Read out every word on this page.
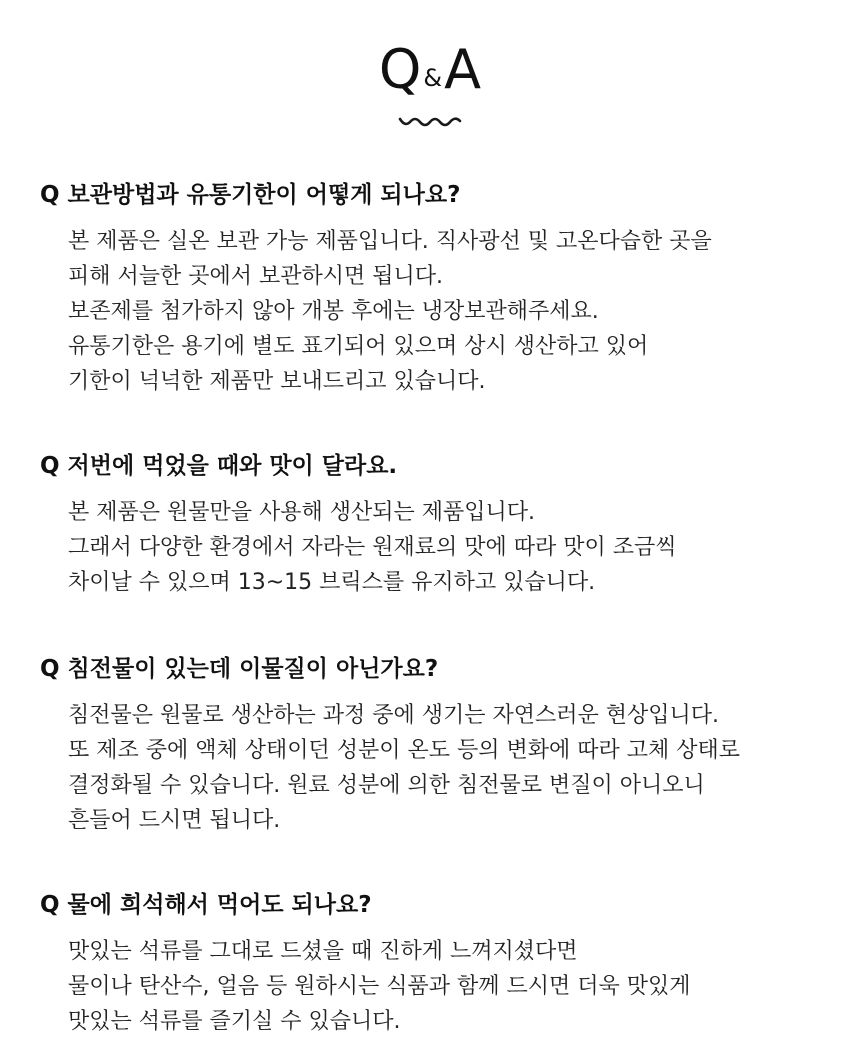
Q&A

Q 보관방법과 유통기한이 어떻게 되나요?

본 제품은 실온 보관 가능 제품입니다. 직사광선 및 고온다습한 곳을
피해 서늘한 곳에서 보관하시면 됩니다.
보존제를 첨가하지 않아 개봉 후에는 냉장보관해주세요.
유통기한은 용기에 별도 표기되어 있으며 상시 생산하고 있어
기한이 넉넉한 제품만 보내드리고 있습니다.

Q 저번에 먹었을 때와 맛이 달라요.

본 제품은 원물만을 사용해 생산되는 제품입니다.
그래서 다양한 환경에서 자라는 원재료의 맛에 따라 맛이 조금씩
차이날 수 있으며 13~15 브릭스를 유지하고 있습니다.

Q 침전물이 있는데 이물질이 아닌가요?

침전물은 원물로 생산하는 과정 중에 생기는 자연스러운 현상입니다.
또 제조 중에 액체 상태이던 성분이 온도 등의 변화에 따라 고체 상태로
결정화될 수 있습니다. 원료 성분에 의한 침전물로 변질이 아니오니
흔들어 드시면 됩니다.

Q 물에 희석해서 먹어도 되나요?

맛있는 석류를 그대로 드셨을 때 진하게 느껴지셨다면
물이나 탄산수, 얼음 등 원하시는 식품과 함께 드시면 더욱 맛있게
맛있는 석류를 즐기실 수 있습니다.
